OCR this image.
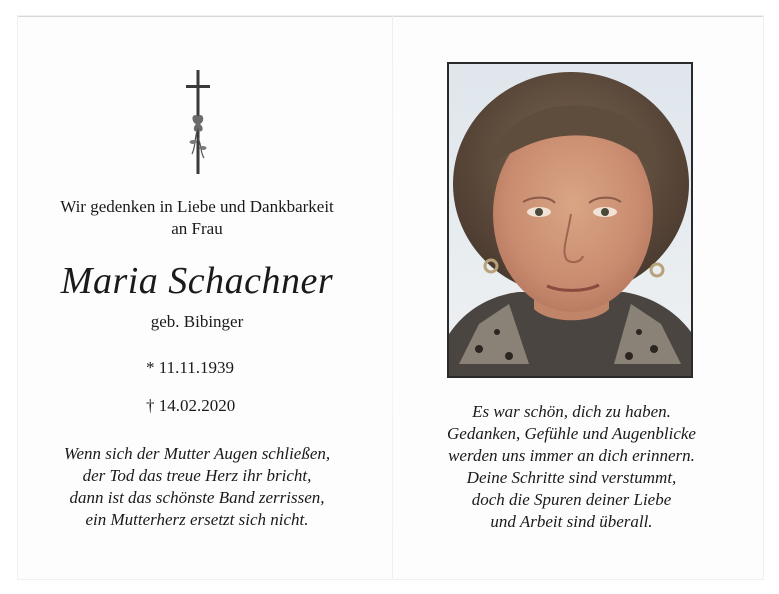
Wir gedenken in Liebe und Dankbarkeit
an Frau
Maria Schachner
geb. Bibinger
* 11.11.1939
† 14.02.2020
Wenn sich der Mutter Augen schließen,
der Tod das treue Herz ihr bricht,
dann ist das schönste Band zerrissen,
ein Mutterherz ersetzt sich nicht.
Es war schön, dich zu haben.
Gedanken, Gefühle und Augenblicke
werden uns immer an dich erinnern.
Deine Schritte sind verstummt,
doch die Spuren deiner Liebe
und Arbeit sind überall.
